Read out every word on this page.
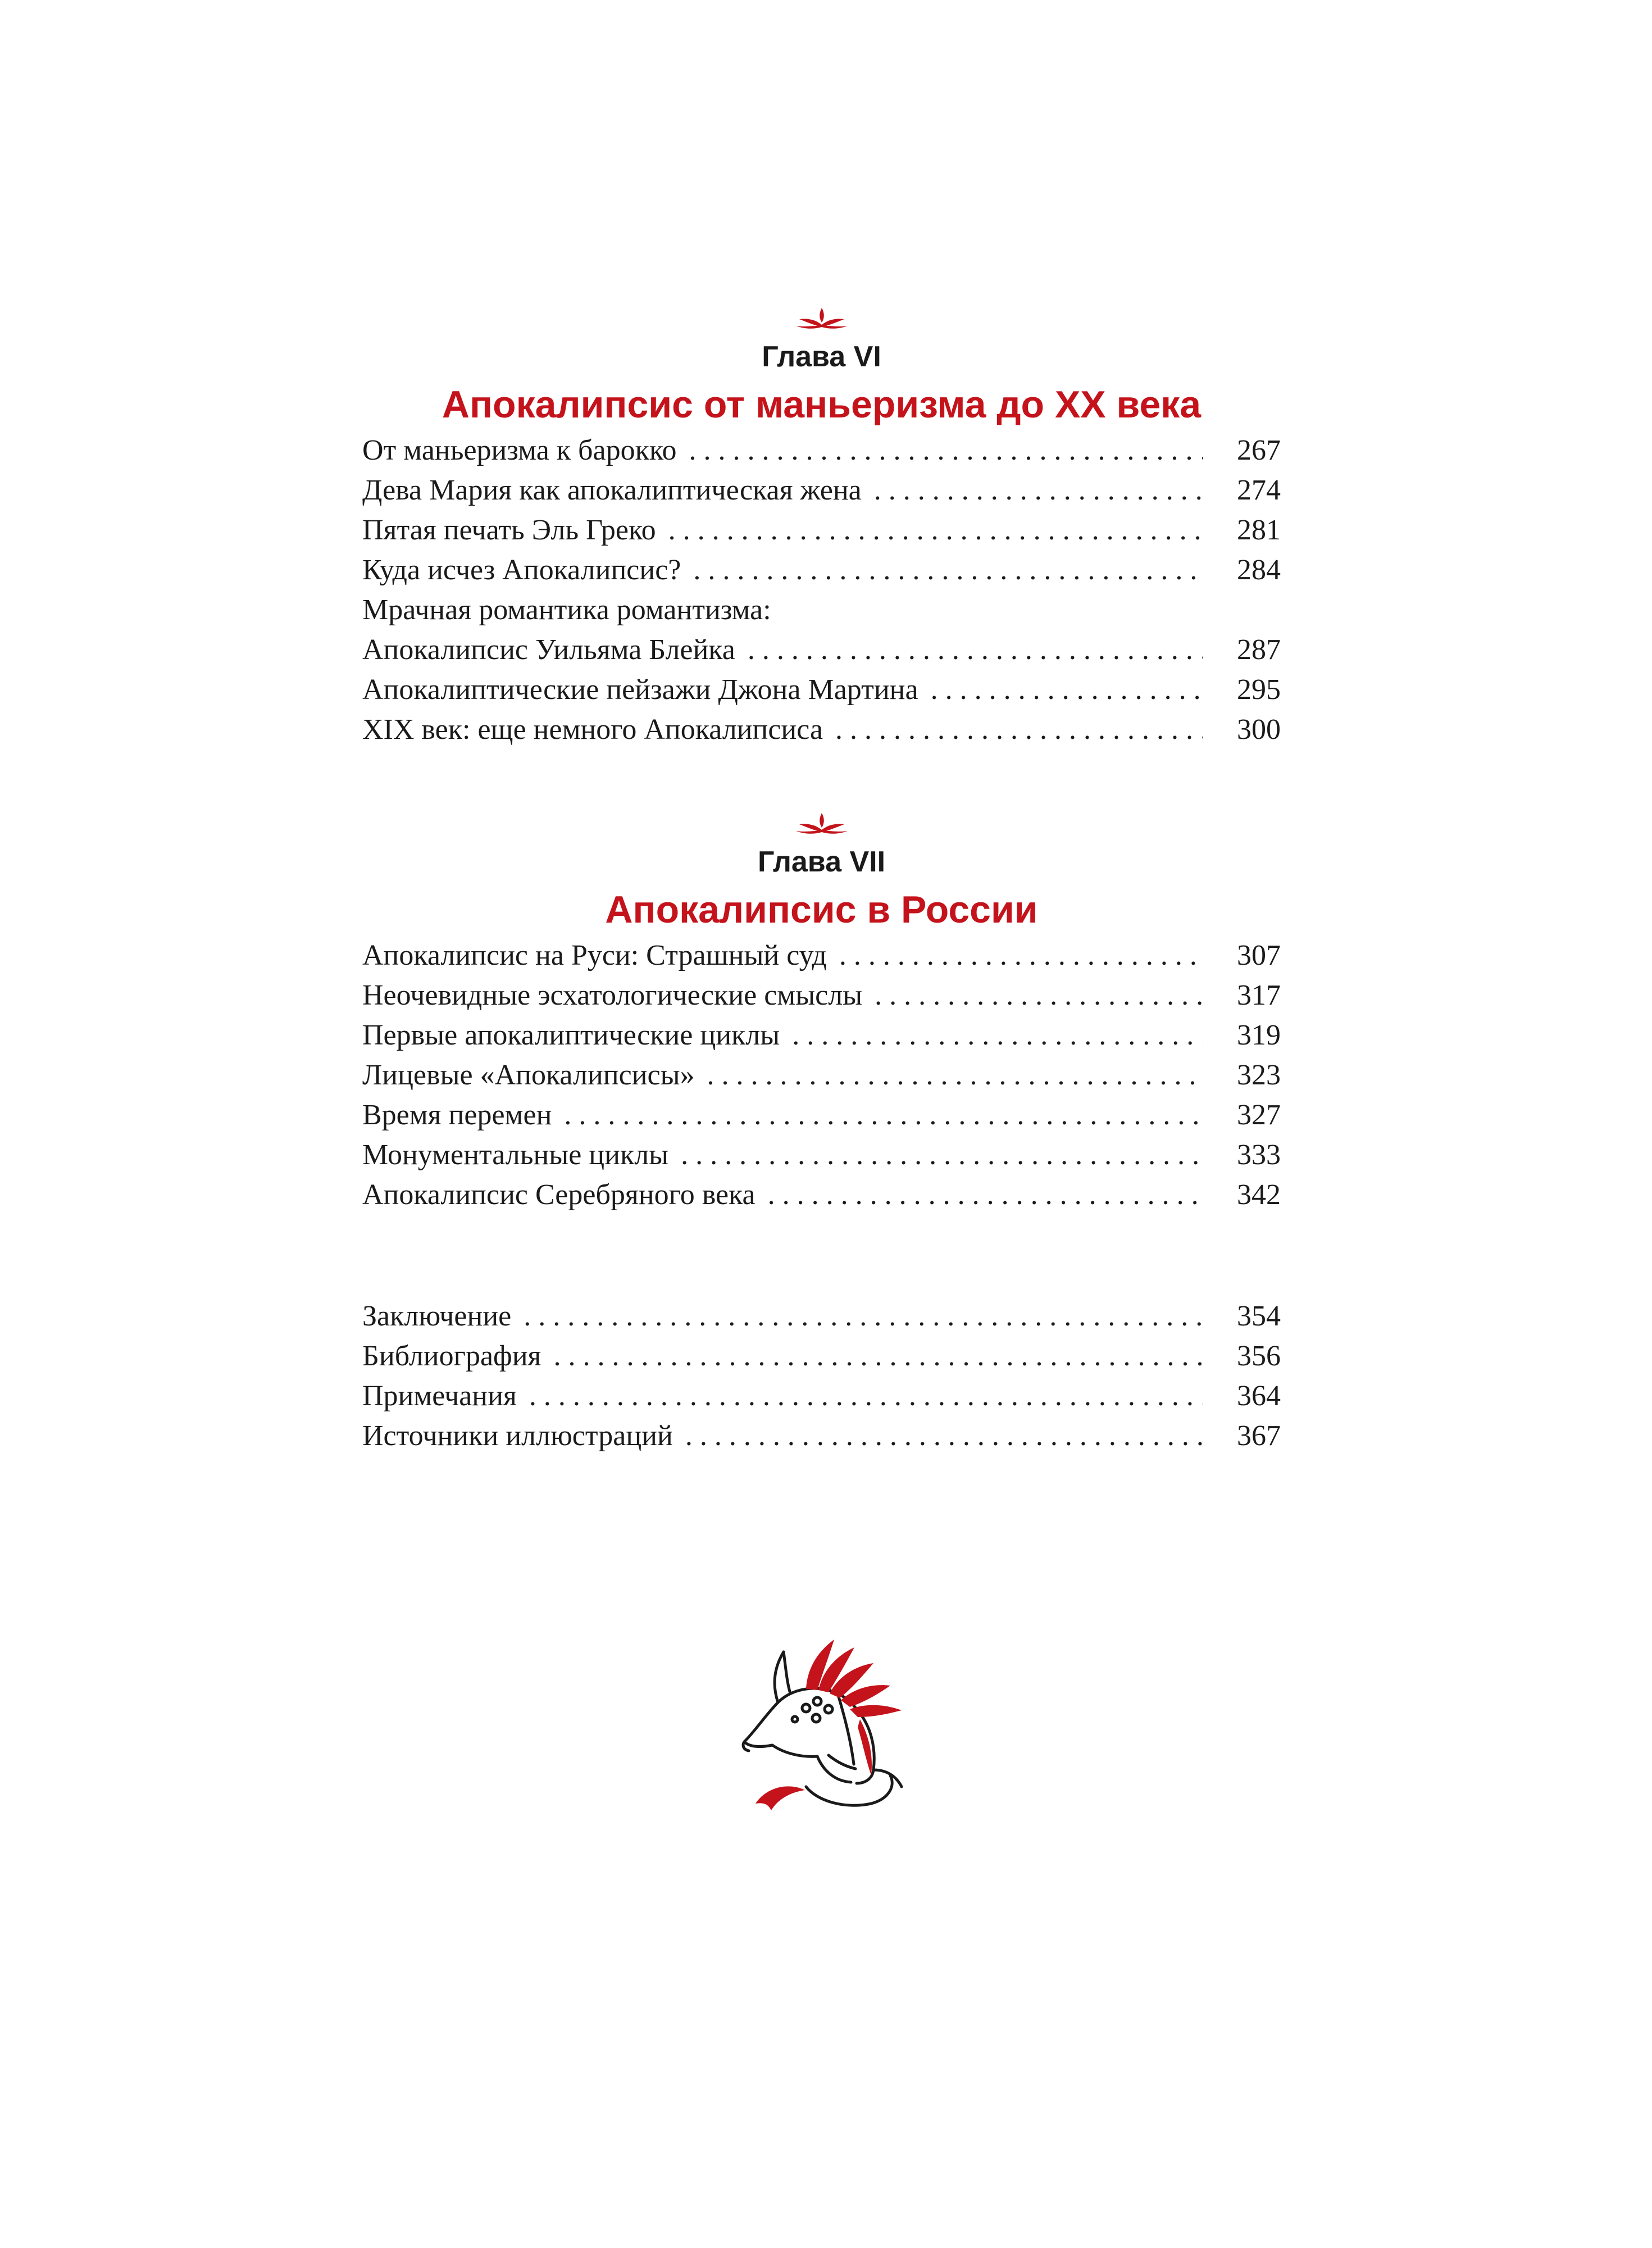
Глава VI
Апокалипсис от маньеризма до XX века
От маньеризма к барокко . . .	267
Дева Мария как апокалиптическая жена . . .	274
Пятая печать Эль Греко . . .	281
Куда исчез Апокалипсис? . . .	284
Мрачная романтика романтизма:
Апокалипсис Уильяма Блейка . . .	287
Апокалиптические пейзажи Джона Мартина . . .	295
XIX век: еще немного Апокалипсиса . . .	300
Глава VII
Апокалипсис в России
Апокалипсис на Руси: Страшный суд . . .	307
Неочевидные эсхатологические смыслы . . .	317
Первые апокалиптические циклы . . .	319
Лицевые «Апокалипсисы» . . .	323
Время перемен . . .	327
Монументальные циклы . . .	333
Апокалипсис Серебряного века . . .	342
Заключение . . .	354
Библиография . . .	356
Примечания . . .	364
Источники иллюстраций . . .	367
